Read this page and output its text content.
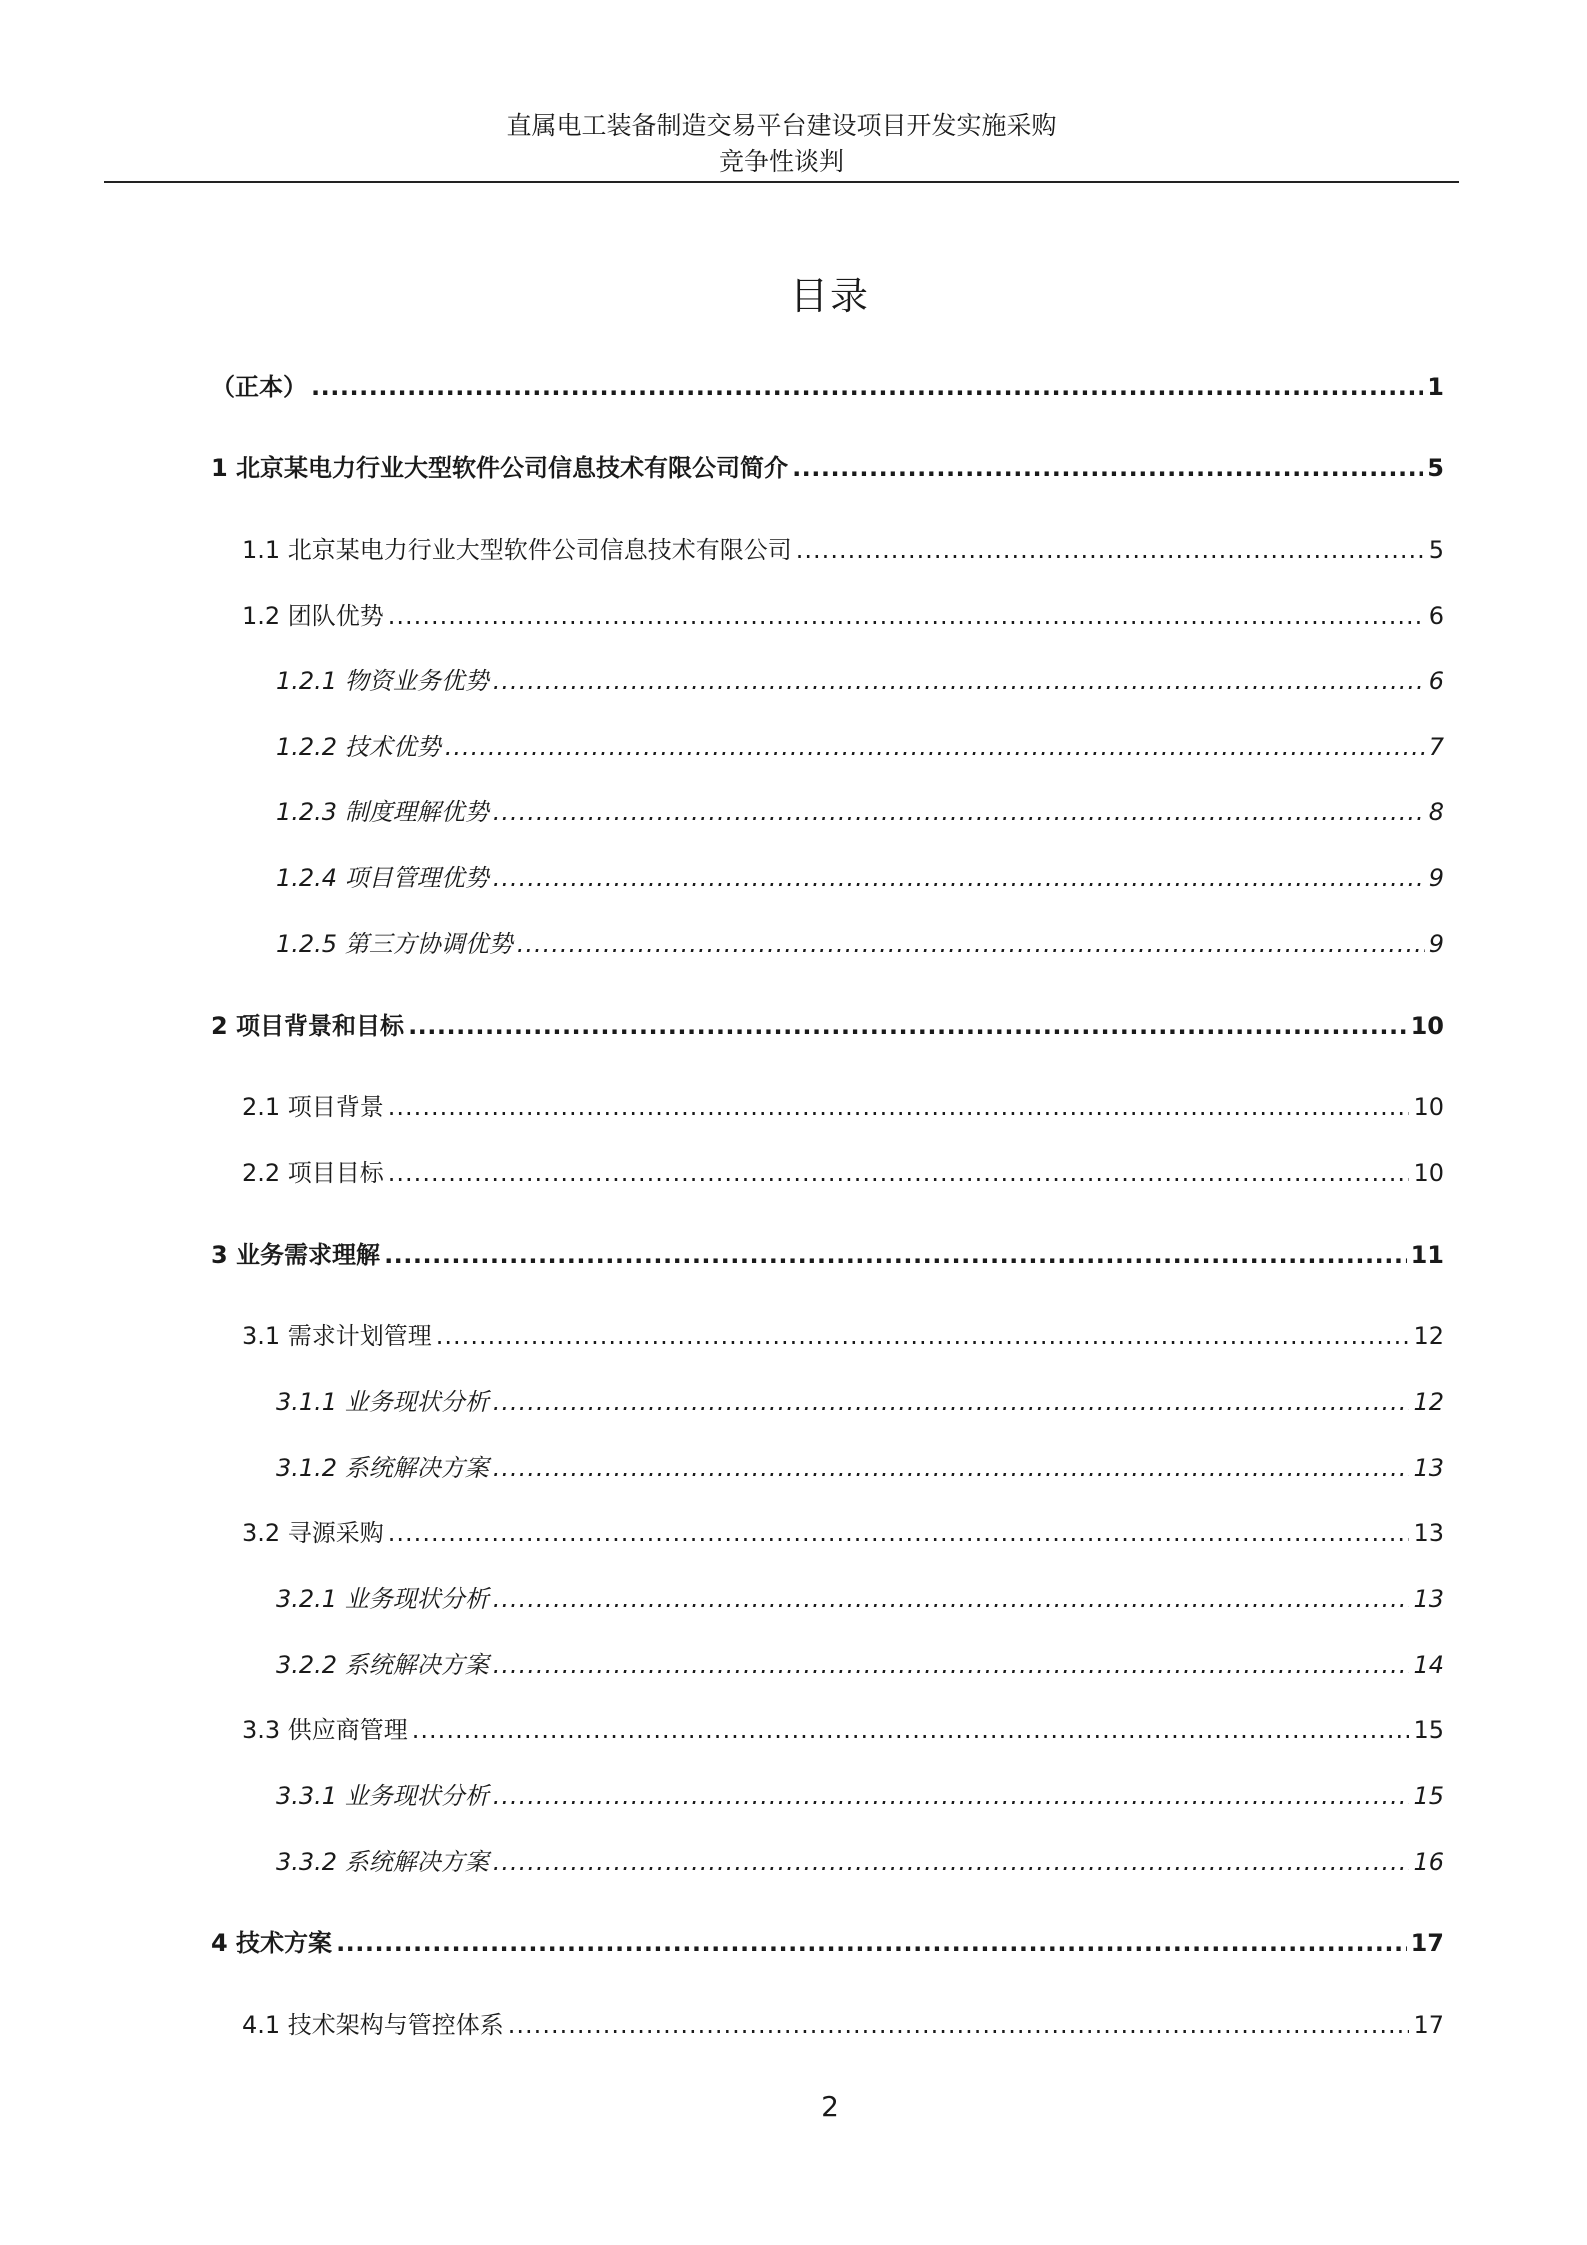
直属电工装备制造交易平台建设项目开发实施采购
竞争性谈判
目录
（正本） .....	1
1 北京某电力行业大型软件公司信息技术有限公司简介 .....	5
1.1 北京某电力行业大型软件公司信息技术有限公司 .....	5
1.2 团队优势 .....	6
1.2.1 物资业务优势 .....	6
1.2.2 技术优势 .....	7
1.2.3 制度理解优势 .....	8
1.2.4 项目管理优势 .....	9
1.2.5 第三方协调优势 .....	9
2 项目背景和目标 .....	10
2.1 项目背景 .....	10
2.2 项目目标 .....	10
3 业务需求理解 .....	11
3.1 需求计划管理 .....	12
3.1.1 业务现状分析 .....	12
3.1.2 系统解决方案 .....	13
3.2 寻源采购 .....	13
3.2.1 业务现状分析 .....	13
3.2.2 系统解决方案 .....	14
3.3 供应商管理 .....	15
3.3.1 业务现状分析 .....	15
3.3.2 系统解决方案 .....	16
4 技术方案 .....	17
4.1 技术架构与管控体系 .....	17
2
